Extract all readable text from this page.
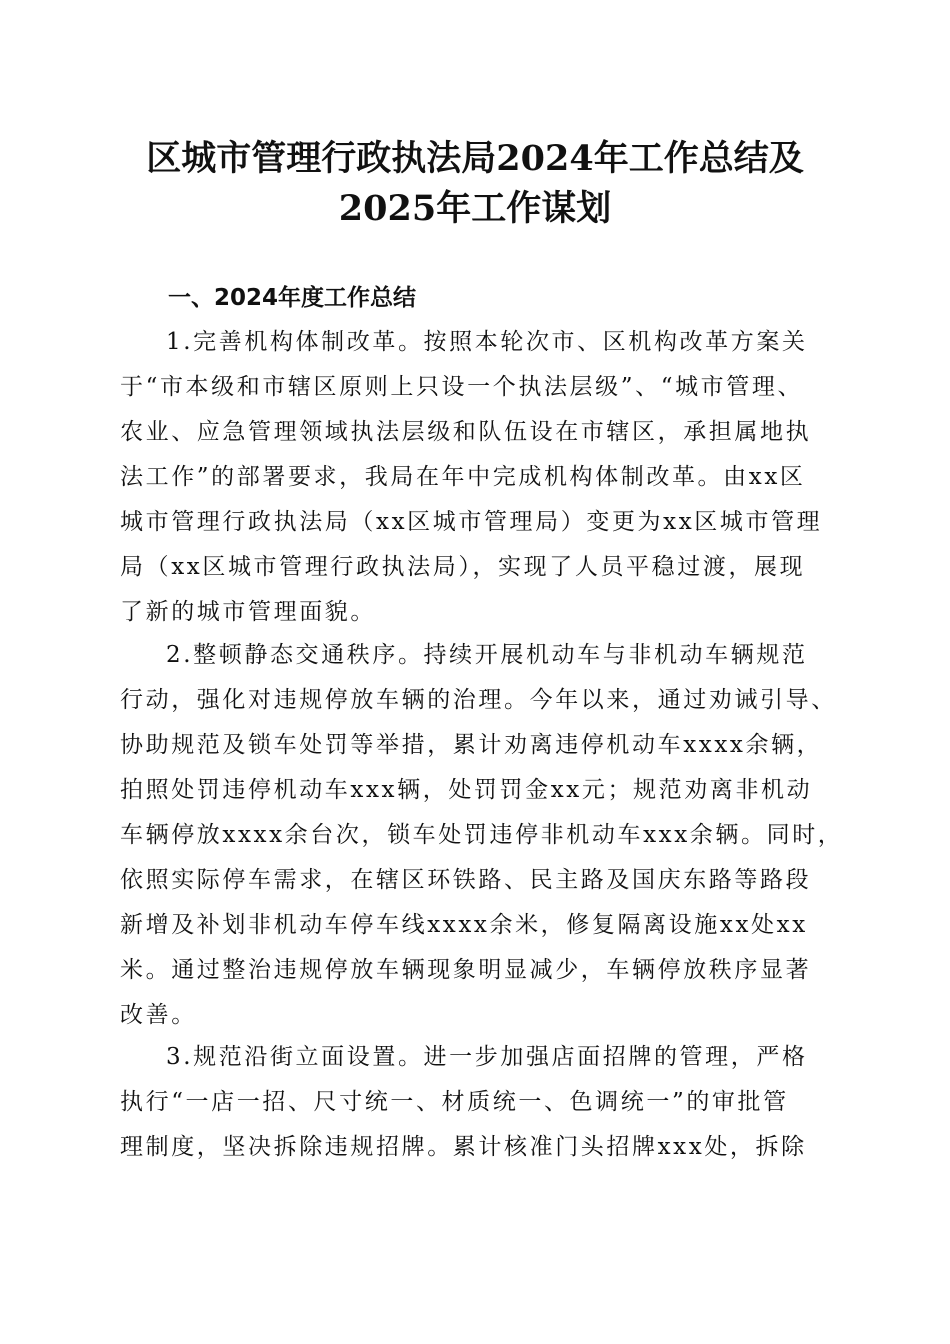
区城市管理行政执法局2024年工作总结及
2025年工作谋划
一、2024年度工作总结

1.完善机构体制改革。按照本轮次市、区机构改革方案关
于“市本级和市辖区原则上只设一个执法层级”、“城市管理、
农业、应急管理领域执法层级和队伍设在市辖区，承担属地执
法工作”的部署要求，我局在年中完成机构体制改革。由xx区
城市管理行政执法局（xx区城市管理局）变更为xx区城市管理
局（xx区城市管理行政执法局），实现了人员平稳过渡，展现
了新的城市管理面貌。

2.整顿静态交通秩序。持续开展机动车与非机动车辆规范
行动，强化对违规停放车辆的治理。今年以来，通过劝诫引导、
协助规范及锁车处罚等举措，累计劝离违停机动车xxxx余辆，
拍照处罚违停机动车xxx辆，处罚罚金xx元；规范劝离非机动
车辆停放xxxx余台次，锁车处罚违停非机动车xxx余辆。同时，
依照实际停车需求，在辖区环铁路、民主路及国庆东路等路段
新增及补划非机动车停车线xxxx余米，修复隔离设施xx处xx
米。通过整治违规停放车辆现象明显减少，车辆停放秩序显著
改善。

3.规范沿街立面设置。进一步加强店面招牌的管理，严格
执行“一店一招、尺寸统一、材质统一、色调统一”的审批管
理制度，坚决拆除违规招牌。累计核准门头招牌xxx处，拆除
